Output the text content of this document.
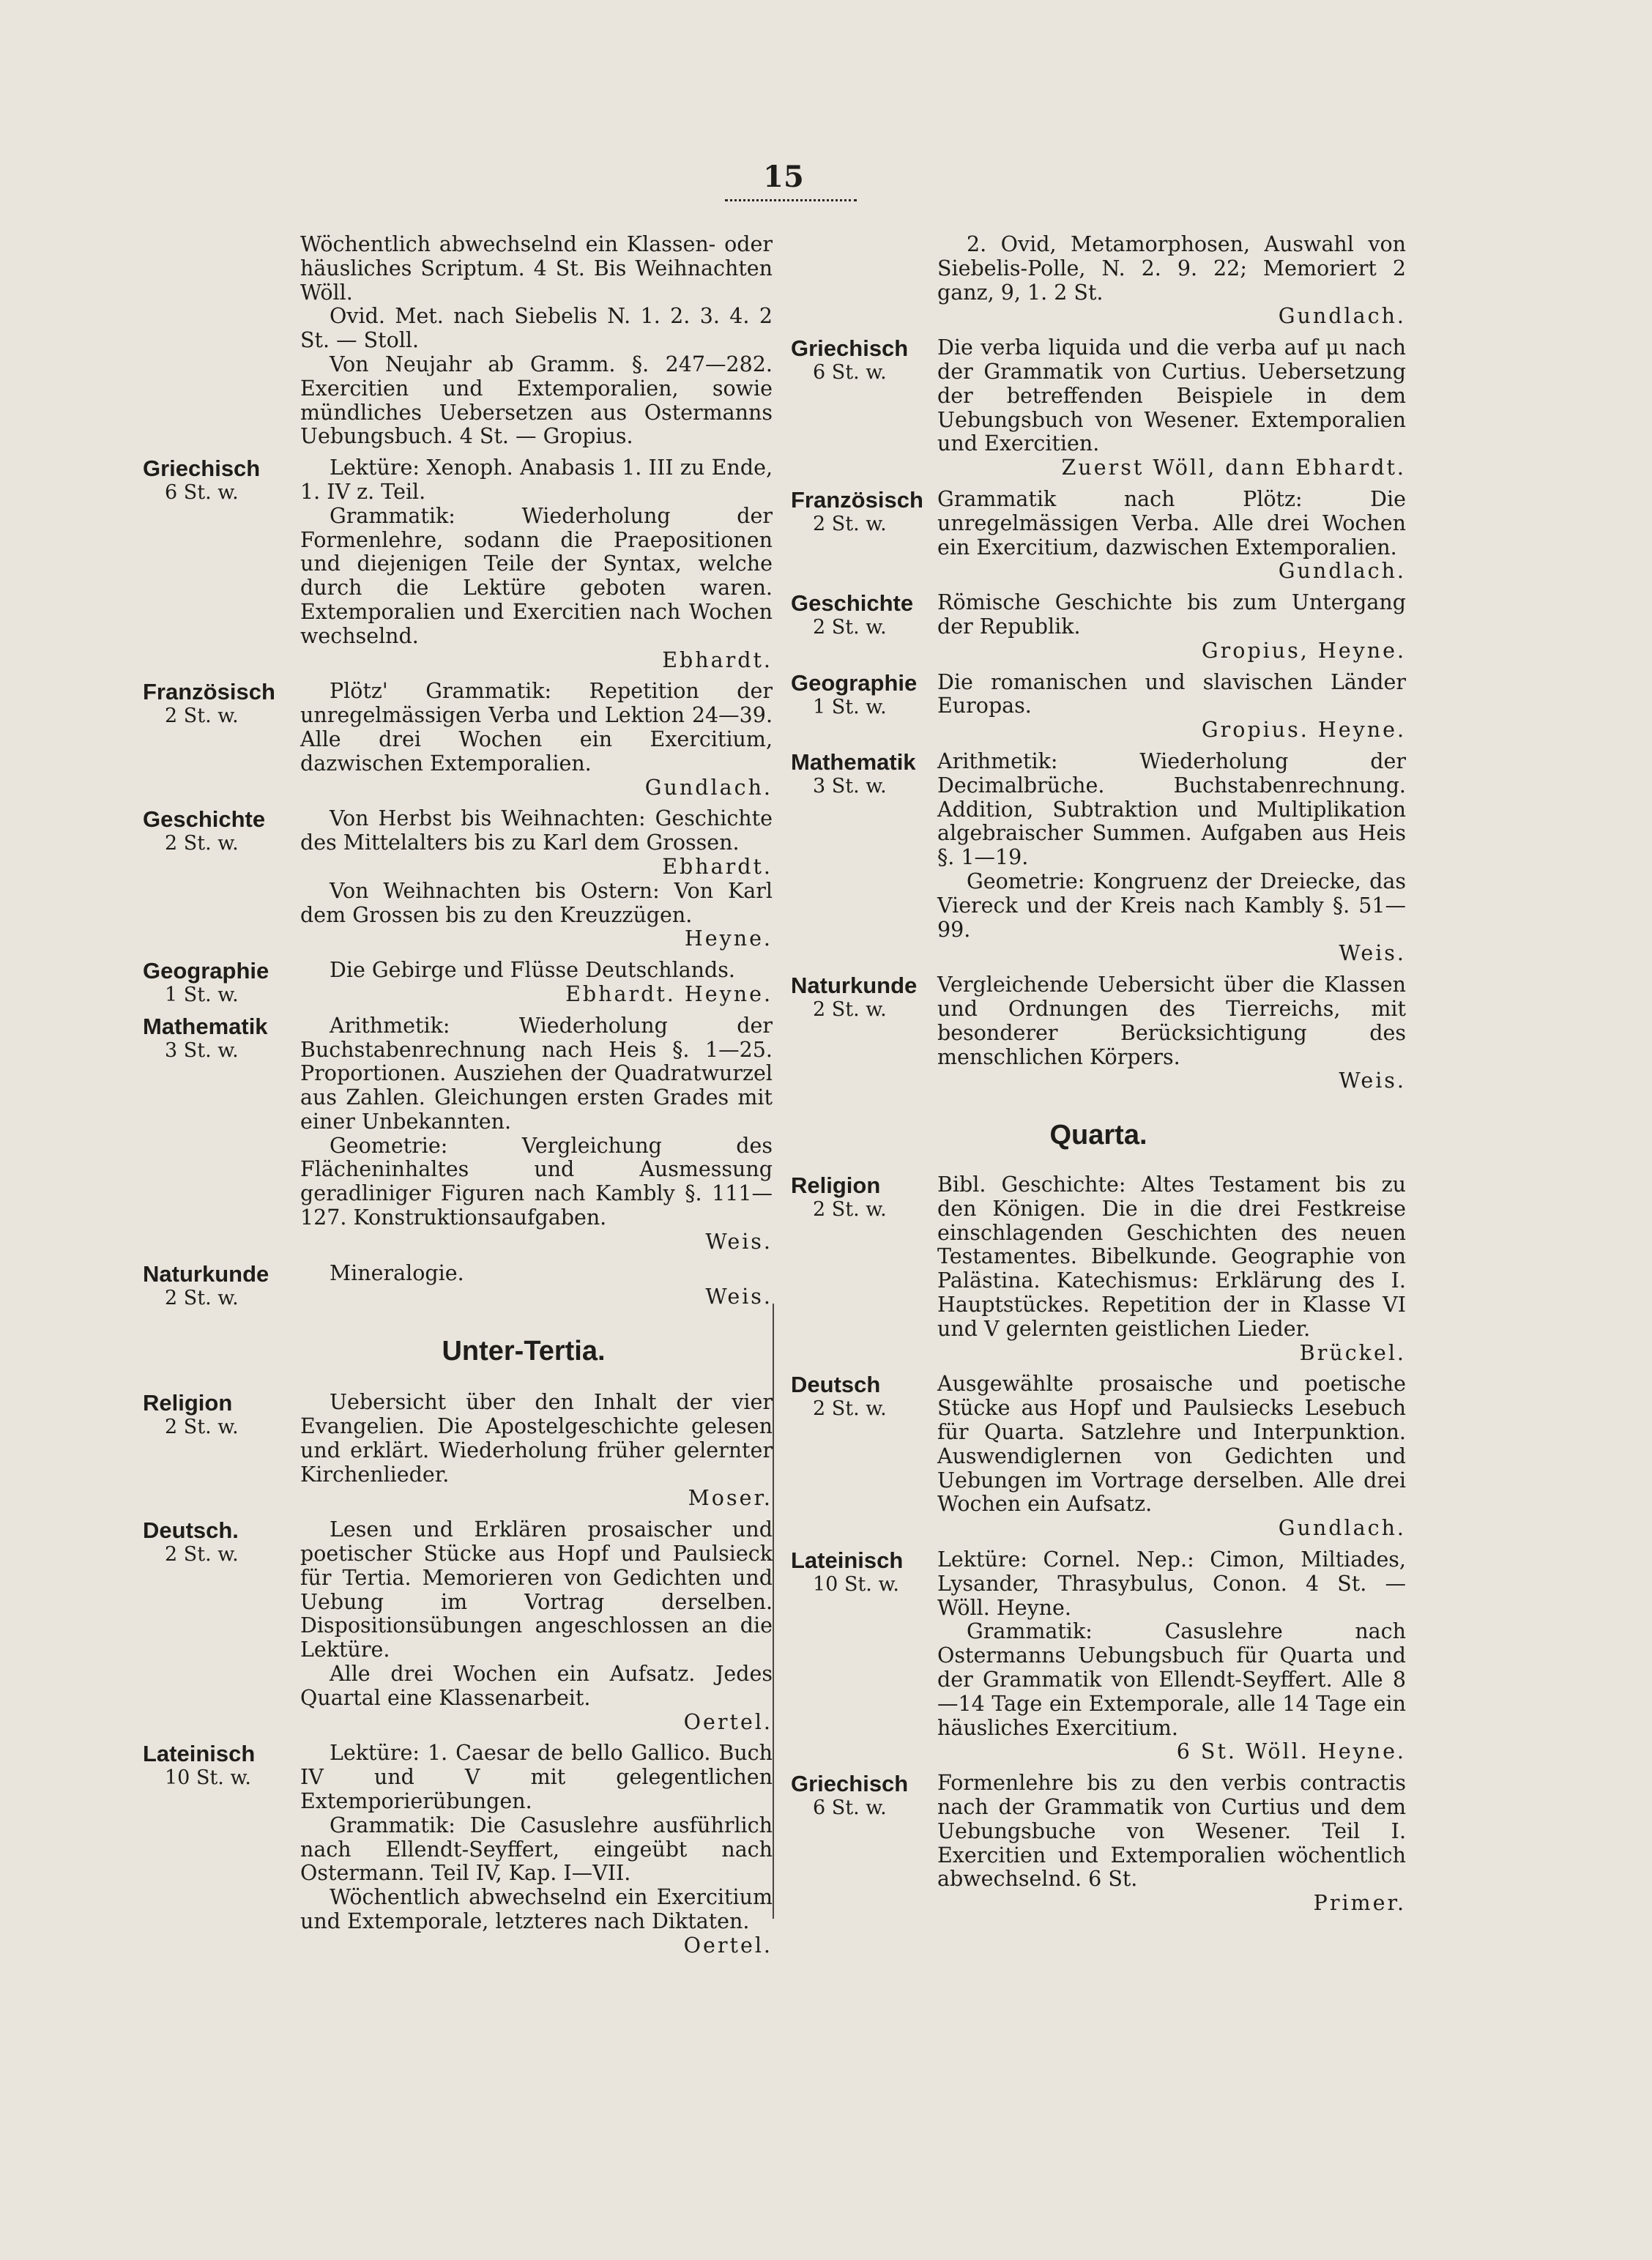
15

Wöchentlich abwechselnd ein Klassen- oder häusliches Scriptum. 4 St. Bis Weihnachten Wöll.

Ovid. Met. nach Siebelis N. 1. 2. 3. 4. 2 St. — Stoll.

Von Neujahr ab Gramm. §. 247—282. Exercitien und Extemporalien, sowie mündliches Uebersetzen aus Ostermanns Uebungsbuch. 4 St. — Gropius.

Griechisch
6 St. w.

Lektüre: Xenoph. Anabasis 1. III zu Ende, 1. IV z. Teil.

Grammatik: Wiederholung der Formenlehre, sodann die Praepositionen und diejenigen Teile der Syntax, welche durch die Lektüre geboten waren. Extemporalien und Exercitien nach Wochen wechselnd.

Ebhardt.
Französisch
2 St. w.

Plötz' Grammatik: Repetition der unregelmässigen Verba und Lektion 24—39. Alle drei Wochen ein Exercitium, dazwischen Extemporalien.

Gundlach.
Geschichte
2 St. w.

Von Herbst bis Weihnachten: Geschichte des Mittelalters bis zu Karl dem Grossen.

Ebhardt.

Von Weihnachten bis Ostern: Von Karl dem Grossen bis zu den Kreuzzügen.

Heyne.
Geographie
1 St. w.

Die Gebirge und Flüsse Deutschlands.

Ebhardt. Heyne.
Mathematik
3 St. w.

Arithmetik: Wiederholung der Buchstabenrechnung nach Heis §. 1—25. Proportionen. Ausziehen der Quadratwurzel aus Zahlen. Gleichungen ersten Grades mit einer Unbekannten.

Geometrie: Vergleichung des Flächeninhaltes und Ausmessung geradliniger Figuren nach Kambly §. 111—127. Konstruktionsaufgaben.

Weis.
Naturkunde
2 St. w.

Mineralogie.

Weis.
Unter-Tertia.
Religion
2 St. w.

Uebersicht über den Inhalt der vier Evangelien. Die Apostelgeschichte gelesen und erklärt. Wiederholung früher gelernter Kirchenlieder.

Moser.
Deutsch.
2 St. w.

Lesen und Erklären prosaischer und poetischer Stücke aus Hopf und Paulsieck für Tertia. Memorieren von Gedichten und Uebung im Vortrag derselben. Dispositionsübungen angeschlossen an die Lektüre.

Alle drei Wochen ein Aufsatz. Jedes Quartal eine Klassenarbeit.

Oertel.
Lateinisch
10 St. w.

Lektüre: 1. Caesar de bello Gallico. Buch IV und V mit gelegentlichen Extemporierübungen.

Grammatik: Die Casuslehre ausführlich nach Ellendt-Seyffert, eingeübt nach Ostermann. Teil IV, Kap. I—VII.

Wöchentlich abwechselnd ein Exercitium und Extemporale, letzteres nach Diktaten.

Oertel.

2. Ovid, Metamorphosen, Auswahl von Siebelis-Polle, N. 2. 9. 22; Memoriert 2 ganz, 9, 1. 2 St.

Gundlach.
Griechisch
6 St. w.

Die verba liquida und die verba auf μι nach der Grammatik von Curtius. Uebersetzung der betreffenden Beispiele in dem Uebungsbuch von Wesener. Extemporalien und Exercitien.

Zuerst Wöll, dann Ebhardt.
Französisch
2 St. w.

Grammatik nach Plötz: Die unregelmässigen Verba. Alle drei Wochen ein Exercitium, dazwischen Extemporalien.

Gundlach.
Geschichte
2 St. w.

Römische Geschichte bis zum Untergang der Republik.

Gropius, Heyne.
Geographie
1 St. w.

Die romanischen und slavischen Länder Europas.

Gropius. Heyne.
Mathematik
3 St. w.

Arithmetik: Wiederholung der Decimalbrüche. Buchstabenrechnung. Addition, Subtraktion und Multiplikation algebraischer Summen. Aufgaben aus Heis §. 1—19.

Geometrie: Kongruenz der Dreiecke, das Viereck und der Kreis nach Kambly §. 51— 99.

Weis.
Naturkunde
2 St. w.

Vergleichende Uebersicht über die Klassen und Ordnungen des Tierreichs, mit besonderer Berücksichtigung des menschlichen Körpers.

Weis.
Quarta.
Religion
2 St. w.

Bibl. Geschichte: Altes Testament bis zu den Königen. Die in die drei Festkreise einschlagenden Geschichten des neuen Testamentes. Bibelkunde. Geographie von Palästina. Katechismus: Erklärung des I. Hauptstückes. Repetition der in Klasse VI und V gelernten geistlichen Lieder.

Brückel.
Deutsch
2 St. w.

Ausgewählte prosaische und poetische Stücke aus Hopf und Paulsiecks Lesebuch für Quarta. Satzlehre und Interpunktion. Auswendiglernen von Gedichten und Uebungen im Vortrage derselben. Alle drei Wochen ein Aufsatz.

Gundlach.
Lateinisch
10 St. w.

Lektüre: Cornel. Nep.: Cimon, Miltiades, Lysander, Thrasybulus, Conon. 4 St. — Wöll. Heyne.

Grammatik: Casuslehre nach Ostermanns Uebungsbuch für Quarta und der Grammatik von Ellendt-Seyffert. Alle 8—14 Tage ein Extemporale, alle 14 Tage ein häusliches Exercitium.

6 St. Wöll. Heyne.
Griechisch
6 St. w.

Formenlehre bis zu den verbis contractis nach der Grammatik von Curtius und dem Uebungsbuche von Wesener. Teil I. Exercitien und Extemporalien wöchentlich abwechselnd. 6 St.

Primer.
